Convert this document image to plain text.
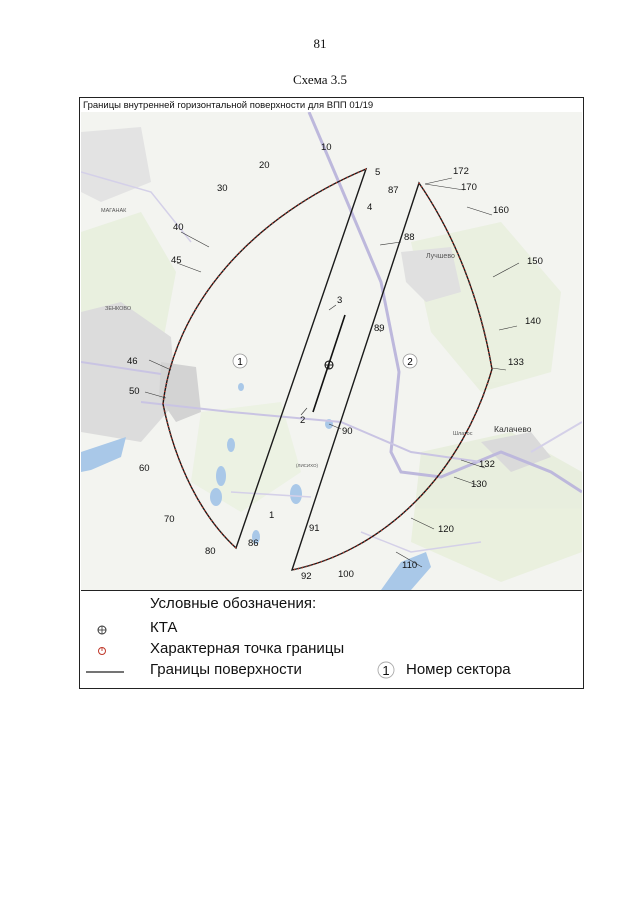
81
Схема 3.5
Границы внутренней горизонтальной поверхности для ВПП 01/19
МАГАНАК
ЗЕНКОВО
Лучшево
Калачево
Шлатос
(ЛИСИХО)
1	2
1
2
3
4
5
10
20
30
40
45
46
50
60
70
80
86
87
88
89
90
91
92	100
110
120
130
132
133
140
150
160
170
172
Условные обозначения:
КТА
Характерная точка границы
Границы поверхности	1 Номер сектора
